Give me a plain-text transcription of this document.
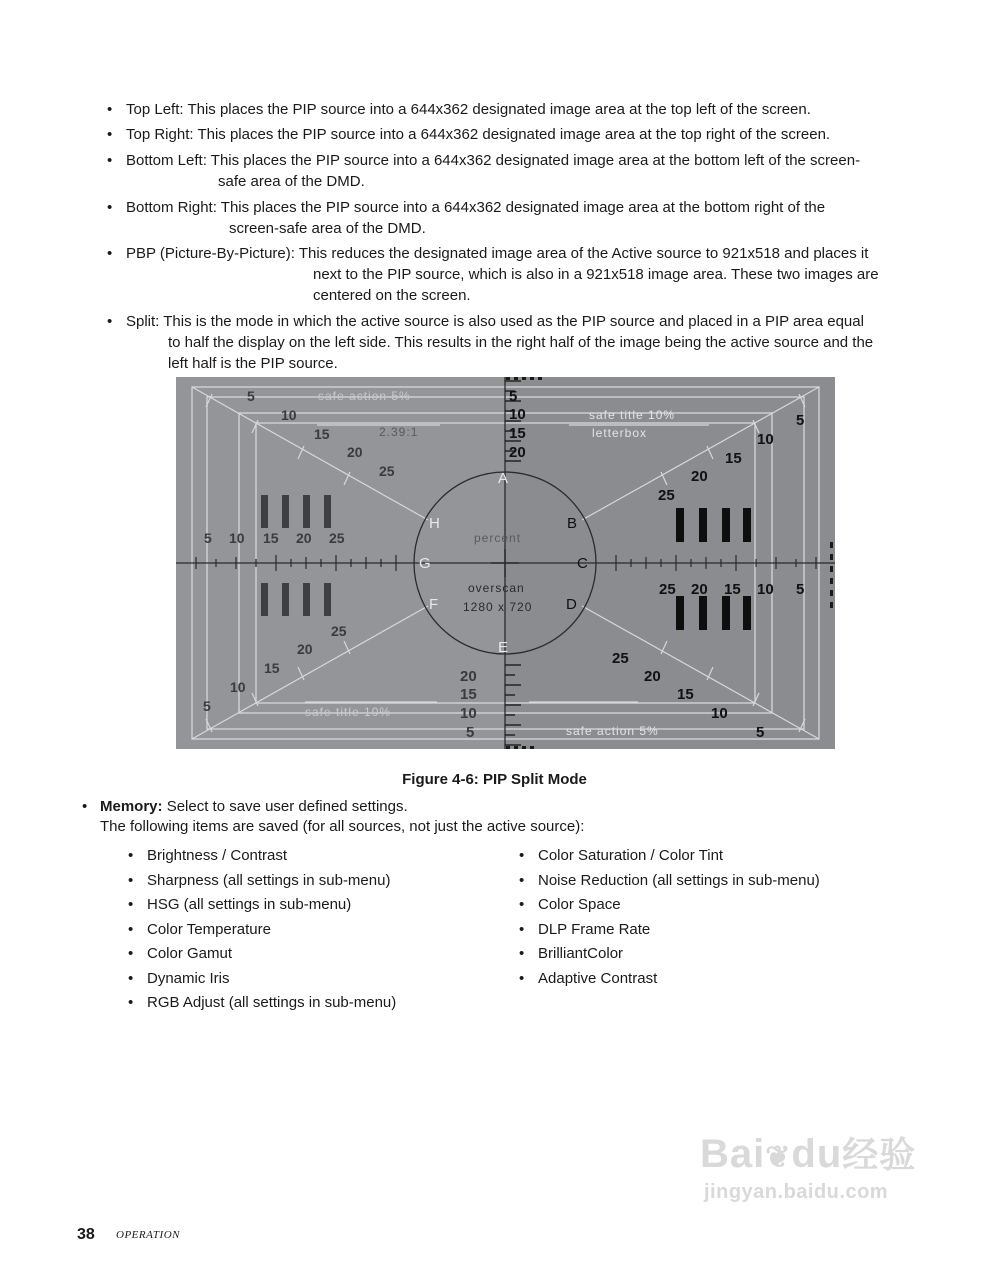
• Top Left: This places the PIP source into a 644x362 designated image area at the top left of the screen.
• Top Right: This places the PIP source into a 644x362 designated image area at the top right of the screen.
• Bottom Left: This places the PIP source into a 644x362 designated image area at the bottom left of the screen-
safe area of the DMD.
• Bottom Right: This places the PIP source into a 644x362 designated image area at the bottom right of the
screen-safe area of the DMD.
• PBP (Picture-By-Picture): This reduces the designated image area of the Active source to 921x518 and places it
next to the PIP source, which is also in a 921x518 image area. These two images are
centered on the screen.
• Split: This is the mode in which the active source is also used as the PIP source and placed in a PIP area equal
to half the display on the left side. This results in the right half of the image being the active source and the
left half is the PIP source.
5
10
15
20
25
5 10 15 20 25
25
20
15
10
5
5
10
15
20
20
15
10
5
5
10
15
20
25
25 20 15 10 5
25
20
15
10
5
safe action 5%
safe title 10%
2.39:1	letterbox
percent
overscan
1280 x 720
safe title 10%
safe action 5%
A
B
C
D
E
F
G
H
Figure 4-6: PIP Split Mode
• Memory: Select to save user defined settings.
The following items are saved (for all sources, not just the active source):
• Brightness / Contrast
• Sharpness (all settings in sub-menu)
• HSG (all settings in sub-menu)
• Color Temperature
• Color Gamut
• Dynamic Iris
• RGB Adjust (all settings in sub-menu)
• Color Saturation / Color Tint
• Noise Reduction (all settings in sub-menu)
• Color Space
• DLP Frame Rate
• BrilliantColor
• Adaptive Contrast
Bai❦du经验
jingyan.baidu.com
38 OPERATION
